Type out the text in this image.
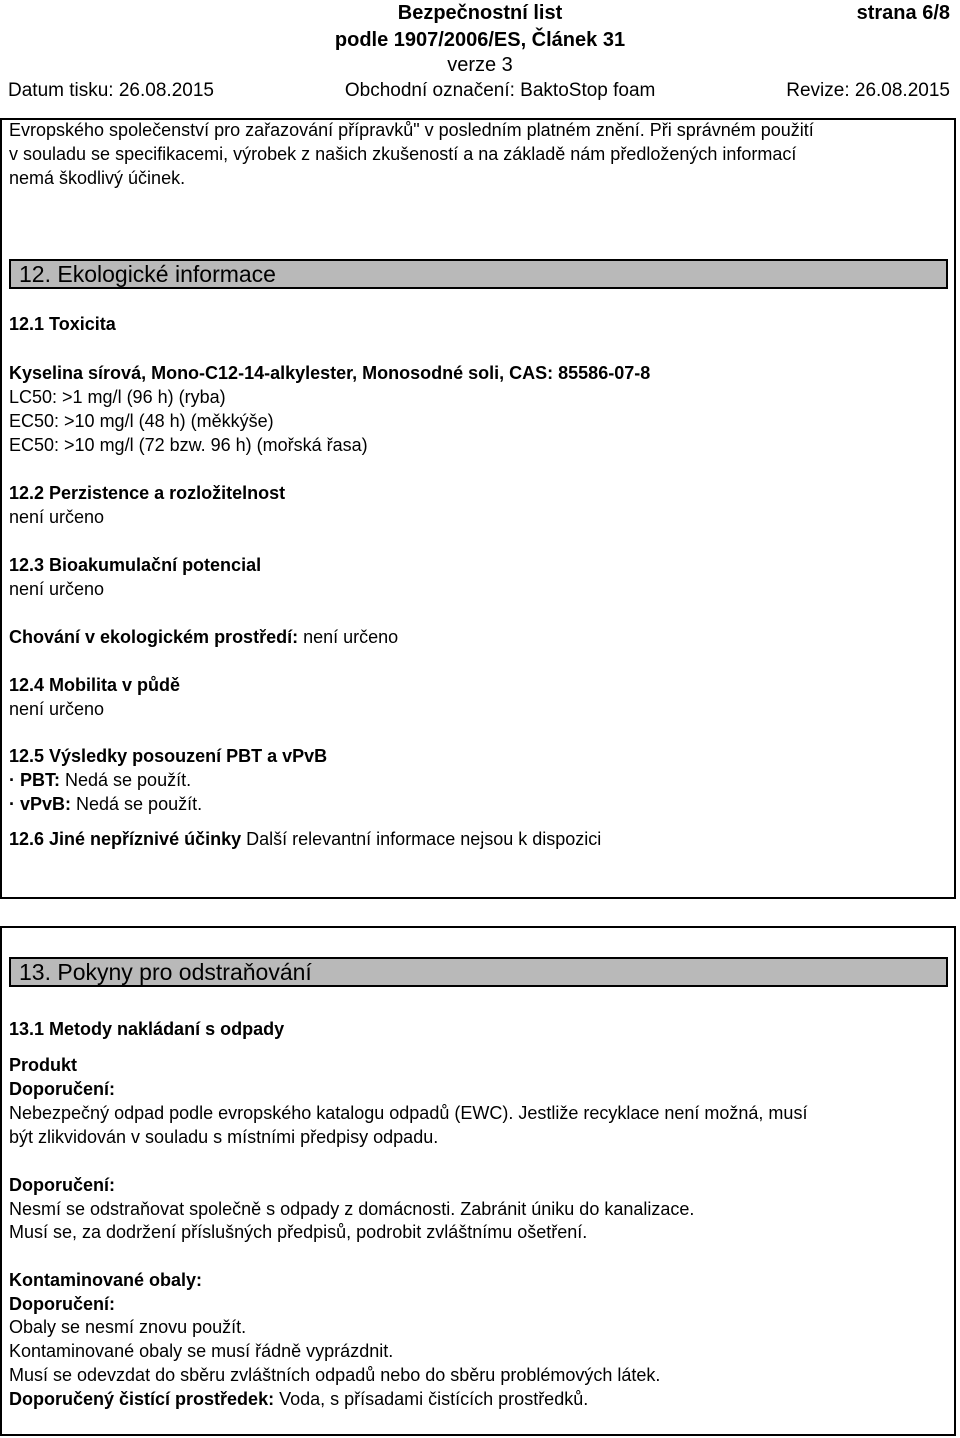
Bezpečnostní list	strana 6/8
podle 1907/2006/ES, Článek 31
verze 3
Datum tisku: 26.08.2015	Obchodní označení: BaktoStop foam	Revize: 26.08.2015
Evropského společenství pro zařazování přípravků" v posledním platném znění. Při správném použití
v souladu se specifikacemi, výrobek z našich zkušeností a na základě nám předložených informací
nemá škodlivý účinek.
12. Ekologické informace
12.1 Toxicita
Kyselina sírová, Mono-C12-14-alkylester, Monosodné soli, CAS: 85586-07-8
LC50: >1 mg/l (96 h) (ryba)
EC50: >10 mg/l (48 h) (měkkýše)
EC50: >10 mg/l (72 bzw. 96 h) (mořská řasa)
12.2 Perzistence a rozložitelnost
není určeno
12.3 Bioakumulační potencial
není určeno
Chování v ekologickém prostředí: není určeno
12.4 Mobilita v půdě
není určeno
12.5 Výsledky posouzení PBT a vPvB
· PBT: Nedá se použít.
· vPvB: Nedá se použít.
12.6 Jiné nepříznivé účinky Další relevantní informace nejsou k dispozici
13. Pokyny pro odstraňování
13.1 Metody nakládaní s odpady
Produkt
Doporučení:
Nebezpečný odpad podle evropského katalogu odpadů (EWC). Jestliže recyklace není možná, musí
být zlikvidován v souladu s místními předpisy odpadu.
Doporučení:
Nesmí se odstraňovat společně s odpady z domácnosti. Zabránit úniku do kanalizace.
Musí se, za dodržení příslušných předpisů, podrobit zvláštnímu ošetření.
Kontaminované obaly:
Doporučení:
Obaly se nesmí znovu použít.
Kontaminované obaly se musí řádně vyprázdnit.
Musí se odevzdat do sběru zvláštních odpadů nebo do sběru problémových látek.
Doporučený čistící prostředek: Voda, s přísadami čistících prostředků.
